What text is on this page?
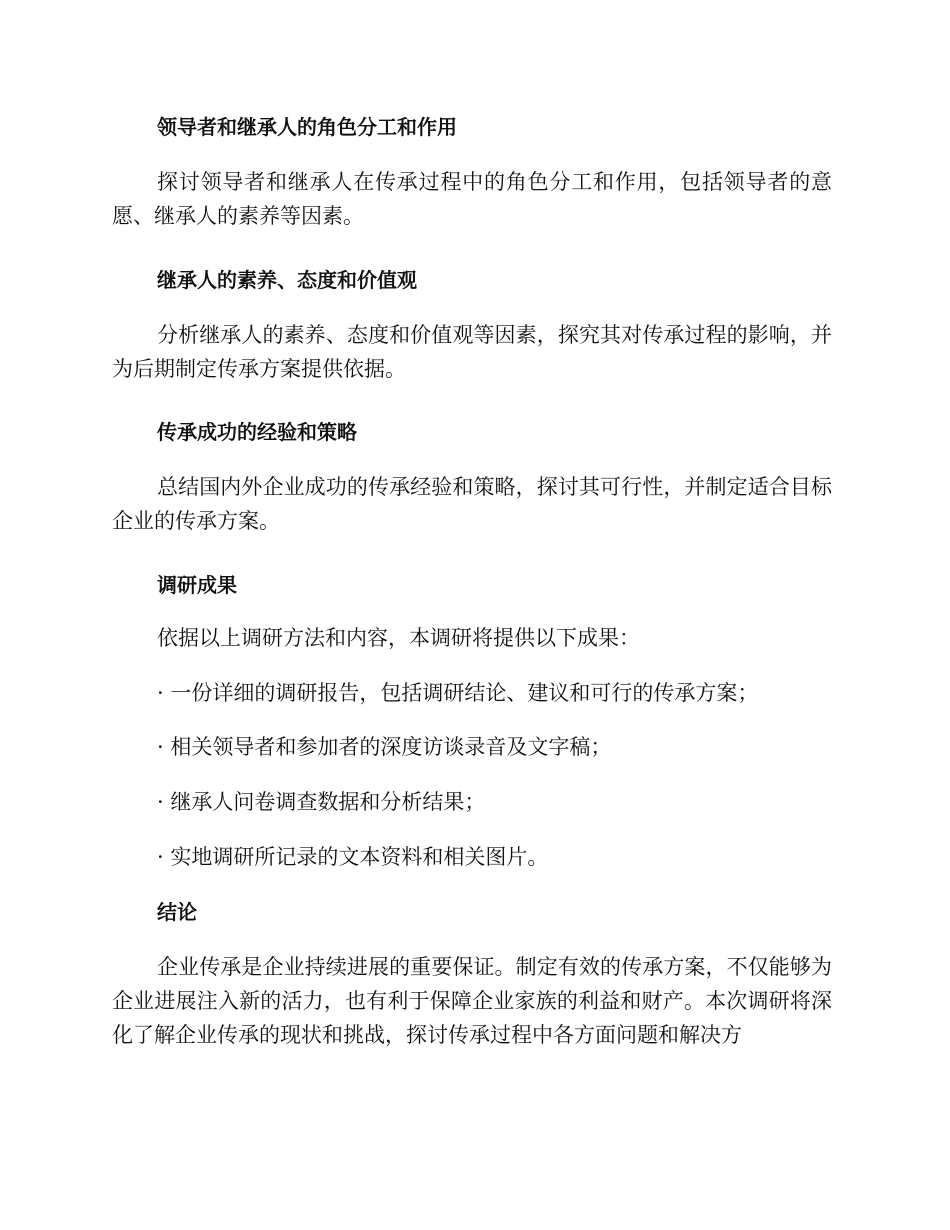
领导者和继承人的角色分工和作用

探讨领导者和继承人在传承过程中的角色分工和作用，包括领导者的意愿、继承人的素养等因素。

继承人的素养、态度和价值观

分析继承人的素养、态度和价值观等因素，探究其对传承过程的影响，并为后期制定传承方案提供依据。

传承成功的经验和策略

总结国内外企业成功的传承经验和策略，探讨其可行性，并制定适合目标企业的传承方案。

调研成果

依据以上调研方法和内容，本调研将提供以下成果：

· 一份详细的调研报告，包括调研结论、建议和可行的传承方案；

· 相关领导者和参加者的深度访谈录音及文字稿；

· 继承人问卷调查数据和分析结果；

· 实地调研所记录的文本资料和相关图片。

结论

企业传承是企业持续进展的重要保证。制定有效的传承方案，不仅能够为企业进展注入新的活力，也有利于保障企业家族的利益和财产。本次调研将深化了解企业传承的现状和挑战，探讨传承过程中各方面问题和解决方
